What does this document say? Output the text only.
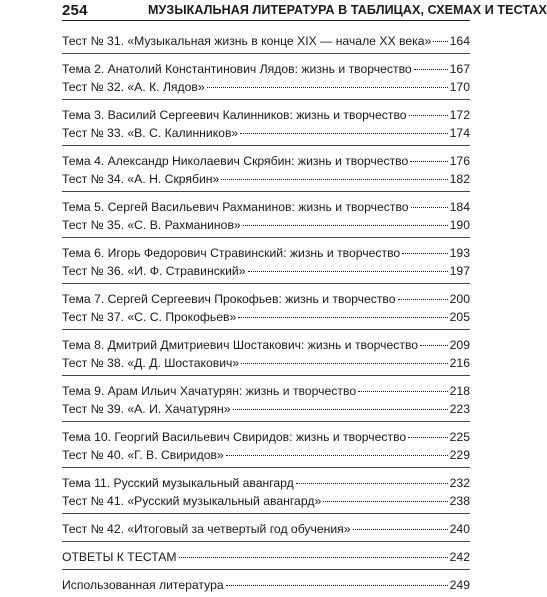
254	МУЗЫКАЛЬНАЯ ЛИТЕРАТУРА В ТАБЛИЦАХ, СХЕМАХ И ТЕСТАХ
Тест № 31. «Музыкальная жизнь в конце XIX — начале XX века» 164
Тема 2. Анатолий Константинович Лядов: жизнь и творчество	167
Тест № 32. «А. К. Лядов»	170
Тема 3. Василий Сергеевич Калинников: жизнь и творчество	172
Тест № 33. «В. С. Калинников»	174
Тема 4. Александр Николаевич Скрябин: жизнь и творчество	176
Тест № 34. «А. Н. Скрябин»	182
Тема 5. Сергей Васильевич Рахманинов: жизнь и творчество	184
Тест № 35. «С. В. Рахманинов»	190
Тема 6. Игорь Федорович Стравинский: жизнь и творчество	193
Тест № 36. «И. Ф. Стравинский»	197
Тема 7. Сергей Сергеевич Прокофьев: жизнь и творчество	200
Тест № 37. «С. С. Прокофьев»	205
Тема 8. Дмитрий Дмитриевич Шостакович: жизнь и творчество	209
Тест № 38. «Д. Д. Шостакович»	216
Тема 9. Арам Ильич Хачатурян: жизнь и творчество	218
Тест № 39. «А. И. Хачатурян»	223
Тема 10. Георгий Васильевич Свиридов: жизнь и творчество	225
Тест № 40. «Г. В. Свиридов»	229
Тема 11. Русский музыкальный авангард	232
Тест № 41. «Русский музыкальный авангард»	238
Тест № 42. «Итоговый за четвертый год обучения»	240
ОТВЕТЫ К ТЕСТАМ	242
Использованная литература	249
